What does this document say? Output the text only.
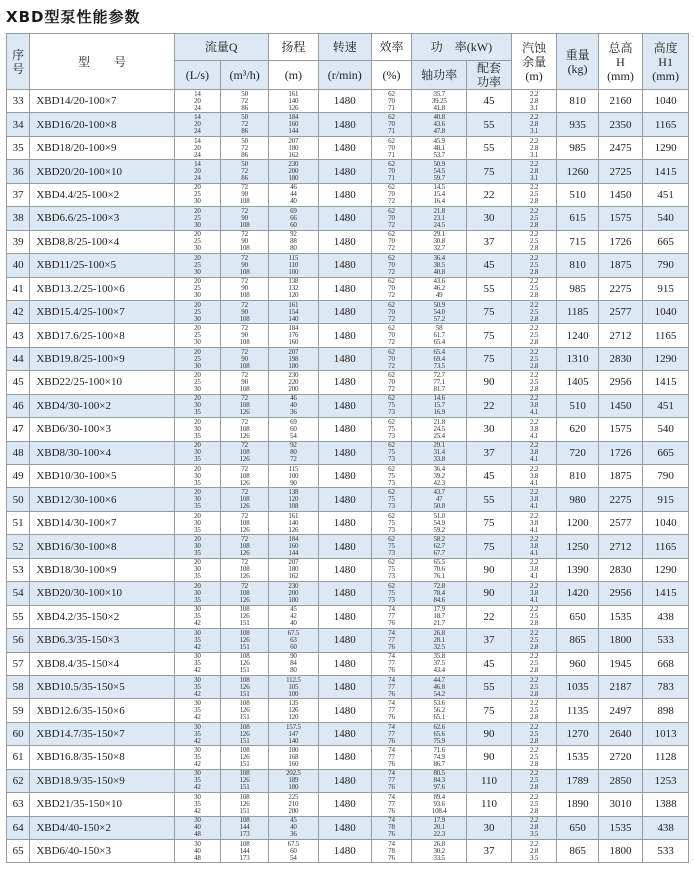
XBD型泵性能参数
序
号	型　　号	流量Q		扬程	转速	效率	功　率(kW)		汽蚀
余量
(m)	重量
(kg)	总高
H
(mm)	高度
H1
(mm)

		(L/s)	(m³/h)	(m)	(r/min)	(%)	轴功率	配套
功率				

33	XBD14/20-100×7	14
20
24	50
72
86	161
140
126	1480	62
70
71	35.7
39.25
41.8	45	2.2
2.8
3.1	810	2160	1040
34	XBD16/20-100×8	14
20
24	50
72
86	184
160
144	1480	62
70
71	40.8
43.6
47.8	55	2.2
2.8
3.1	935	2350	1165
35	XBD18/20-100×9	14
20
24	50
72
86	207
180
162	1480	62
70
71	45.9
48.1
53.7	55	2.2
2.8
3.1	985	2475	1290
36	XBD20/20-100×10	14
20
24	50
72
86	230
200
180	1480	62
70
71	50.9
54.5
59.7	75	2.2
2.8
3.1	1260	2725	1415
37	XBD4.4/25-100×2	20
25
30	72
90
108	46
44
40	1480	62
70
72	14.5
15.4
16.4	22	2.2
2.5
2.8	510	1450	451
38	XBD6.6/25-100×3	20
25
30	72
90
108	69
66
60	1480	62
70
72	21.8
23.1
24.5	30	2.2
2.5
2.8	615	1575	540
39	XBD8.8/25-100×4	20
25
30	72
90
108	92
88
80	1480	62
70
72	29.1
30.8
32.7	37	2.2
2.5
2.8	715	1726	665
40	XBD11/25-100×5	20
25
30	72
90
108	115
110
100	1480	62
70
72	36.4
38.5
40.8	45	2.2
2.5
2.8	810	1875	790
41	XBD13.2/25-100×6	20
25
30	72
90
108	138
132
120	1480	62
70
72	43.6
46.2
49	55	2.2
2.5
2.8	985	2275	915
42	XBD15.4/25-100×7	20
25
30	72
90
108	161
154
140	1480	62
70
72	50.9
54.0
57.2	75	2.2
2.5
2.8	1185	2577	1040
43	XBD17.6/25-100×8	20
25
30	72
90
108	184
176
160	1480	62
70
72	58
61.7
65.4	75	2.2
2.5
2.8	1240	2712	1165
44	XBD19.8/25-100×9	20
25
30	72
90
108	207
198
180	1480	62
70
72	65.4
69.4
73.5	75	2.2
2.5
2.8	1310	2830	1290
45	XBD22/25-100×10	20
25
30	72
90
108	230
220
200	1480	62
70
72	72.7
77.1
81.7	90	2.2
2.5
2.8	1405	2956	1415
46	XBD4/30-100×2	20
30
35	72
108
126	46
40
36	1480	62
75
73	14.6
15.7
16.9	22	2.2
3.8
4.1	510	1450	451
47	XBD6/30-100×3	20
30
35	72
108
126	69
60
54	1480	62
75
73	21.8
24.5
25.4	30	2.2
3.8
4.1	620	1575	540
48	XBD8/30-100×4	20
30
35	72
108
126	92
80
72	1480	62
75
73	29.1
31.4
33.8	37	2.2
3.8
4.1	720	1726	665
49	XBD10/30-100×5	20
30
35	72
108
126	115
100
90	1480	62
75
73	36.4
39.2
42.3	45	2.2
3.8
4.1	810	1875	790
50	XBD12/30-100×6	20
30
35	72
108
126	138
120
108	1480	62
75
73	43.7
47
50.8	55	2.2
3.8
4.1	980	2275	915
51	XBD14/30-100×7	20
30
35	72
108
126	161
140
126	1480	62
75
73	51.0
54.9
59.2	75	2.2
3.8
4.1	1200	2577	1040
52	XBD16/30-100×8	20
30
35	72
108
126	184
160
144	1480	62
75
73	58.2
62.7
67.7	75	2.2
3.8
4.1	1250	2712	1165
53	XBD18/30-100×9	20
30
35	72
108
126	207
180
162	1480	62
75
73	65.5
70.6
76.1	90	2.2
3.8
4.1	1390	2830	1290
54	XBD20/30-100×10	20
30
35	72
108
126	230
200
180	1480	62
75
73	72.8
78.4
84.6	90	2.2
3.8
4.1	1420	2956	1415
55	XBD4.2/35-150×2	30
35
42	108
126
151	45
42
40	1480	74
77
76	17.9
18.7
21.7	22	2.2
2.5
2.8	650	1535	438
56	XBD6.3/35-150×3	30
35
42	108
126
151	67.5
63
60	1480	74
77
76	26.8
28.1
32.5	37	2.2
2.5
2.8	865	1800	533
57	XBD8.4/35-150×4	30
35
42	108
126
151	90
84
80	1480	74
77
76	35.8
37.5
43.4	45	2.2
2.5
2.8	960	1945	668
58	XBD10.5/35-150×5	30
35
42	108
126
151	112.5
105
100	1480	74
77
76	44.7
46.8
54.2	55	2.2
2.5
2.8	1035	2187	783
59	XBD12.6/35-150×6	30
35
42	108
126
151	135
126
120	1480	74
77
76	53.6
56.2
65.1	75	2.2
2.5
2.8	1135	2497	898
60	XBD14.7/35-150×7	30
35
42	108
126
151	157.5
147
140	1480	74
77
76	62.6
65.6
75.9	90	2.2
2.5
2.8	1270	2640	1013
61	XBD16.8/35-150×8	30
35
42	108
126
151	180
168
160	1480	74
77
76	71.6
74.9
86.7	90	2.2
2.5
2.8	1535	2720	1128
62	XBD18.9/35-150×9	30
35
42	108
126
151	202.5
189
180	1480	74
77
76	80.5
84.3
97.6	110	2.2
2.5
2.8	1789	2850	1253
63	XBD21/35-150×10	30
35
42	108
126
151	225
210
200	1480	74
77
76	89.4
93.6
108.4	110	2.2
2.5
2.8	1890	3010	1388
64	XBD4/40-150×2	30
40
48	108
144
173	45
40
36	1480	74
78
76	17.9
20.1
22.3	30	2.2
2.8
3.5	650	1535	438
65	XBD6/40-150×3	30
40
48	108
144
173	67.5
60
54	1480	74
78
76	26.8
30.2
33.5	37	2.2
2.8
3.5	865	1800	533
